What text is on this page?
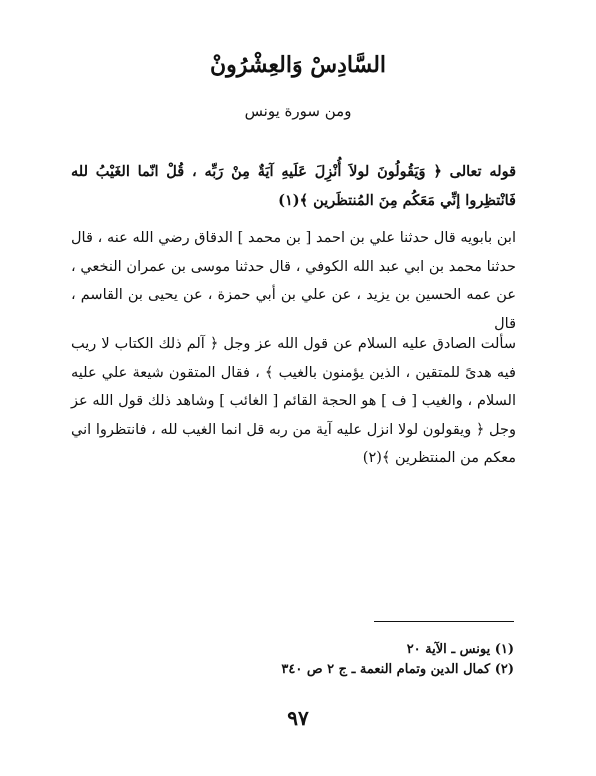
السَّادِسْ وَالعِشْرُونْ
ومن سورة يونس
قوله تعالى ﴿ وَيَقُولُونَ لولاَ أُنْزِلَ عَلَيهِ آيَةٌ مِنْ رَبِّه ، قُلْ انّما الغَيْبُ لله فَانْتظِروا إنِّي مَعَكُم مِنَ المُنتظَرين ﴾(١)
ابن بابويه قال حدثنا علي بن احمد [ بن محمد ] الدقاق رضي الله عنه ، قال حدثنا محمد بن ابي عبد الله الكوفي ، قال حدثنا موسى بن عمران النخعي ، عن عمه الحسين بن يزيد ، عن علي بن أبي حمزة ، عن يحيى بن القاسم ، قال
سألت الصادق عليه السلام عن قول الله عز وجل ﴿ آلم ذلك الكتاب لا ريب فيه هدىً للمتقين ، الذين يؤمنون بالغيب ﴾ ، فقال المتقون شيعة علي عليه السلام ، والغيب [ ف ] هو الحجة القائم [ الغائب ] وشاهد ذلك قول الله عز وجل ﴿ ويقولون لولا انزل عليه آية من ربه قل انما الغيب لله ، فانتظروا اني معكم من المنتظرين ﴾(٢)
(١) يونس ـ الآية ٢٠
(٢) كمال الدين وتمام النعمة ـ ج ٢ ص ٣٤٠
٩٧
